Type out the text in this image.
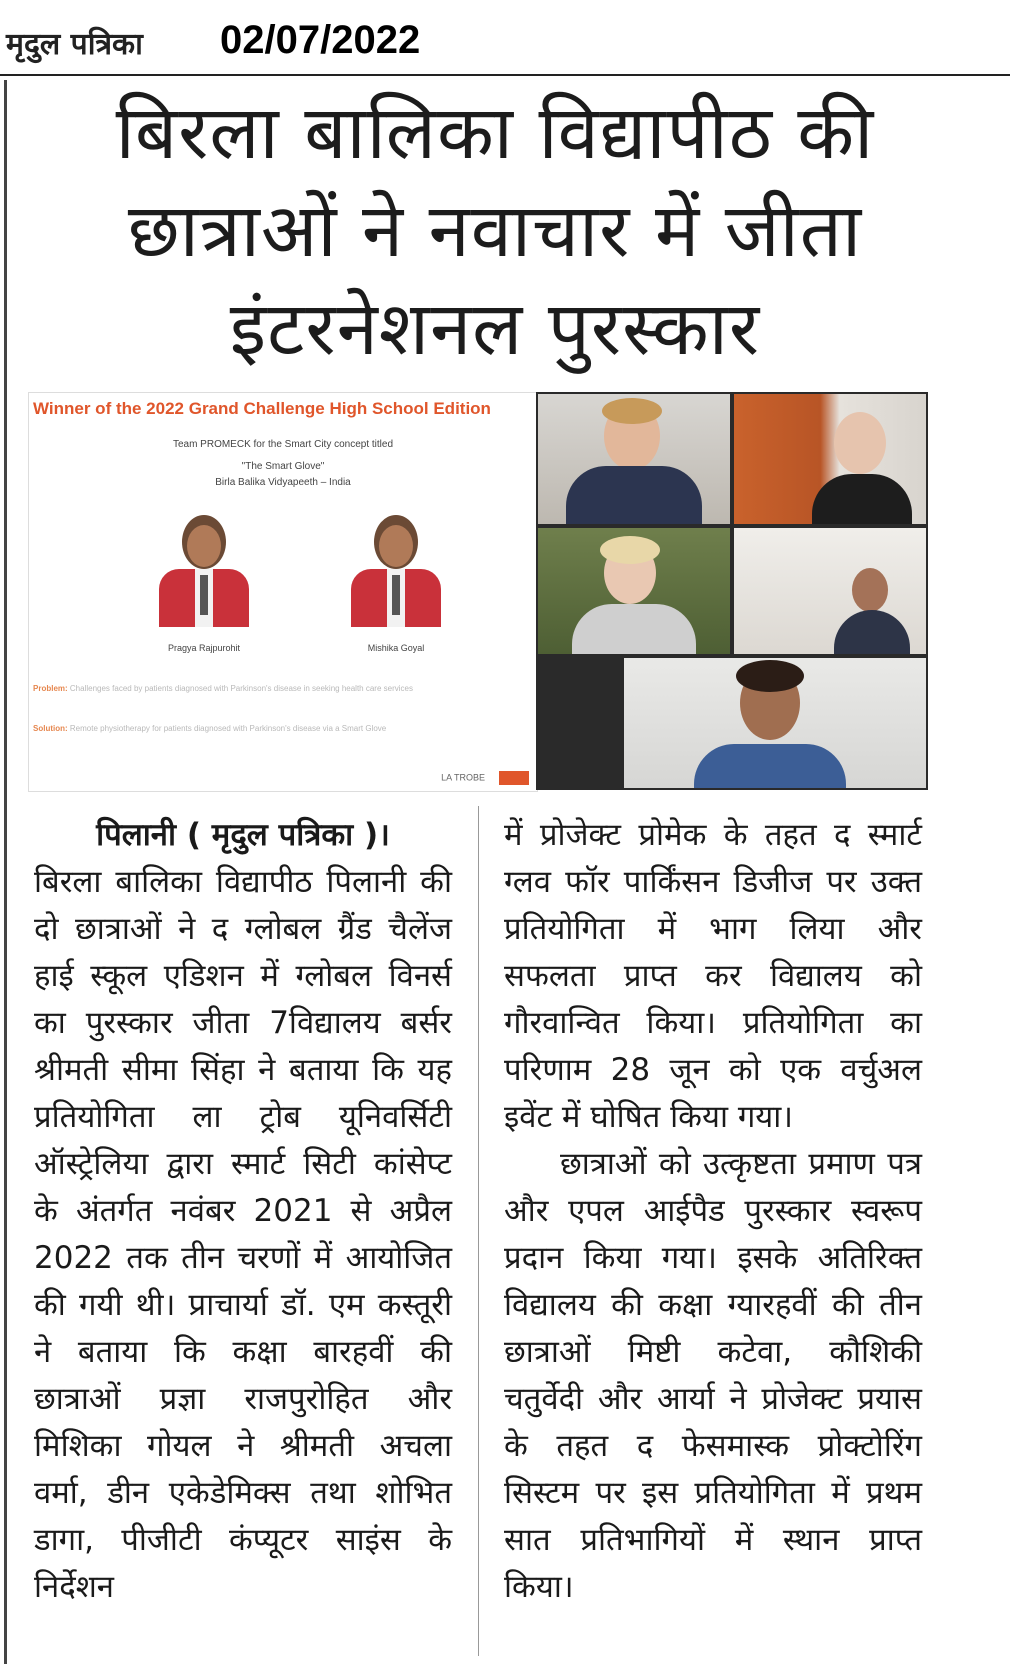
मृदुल पत्रिका 02/07/2022
बिरला बालिका विद्यापीठ की
छात्राओं ने नवाचार में जीता
इंटरनेशनल पुरस्कार
Winner of the 2022 Grand Challenge High School Edition
Team PROMECK for the Smart City concept titled
"The Smart Glove"
Birla Balika Vidyapeeth – India
Pragya Rajpurohit	Mishika Goyal
Problem: Challenges faced by patients diagnosed with Parkinson's disease in seeking health care services
Solution: Remote physiotherapy for patients diagnosed with Parkinson's disease via a Smart Glove
LA TROBE

पिलानी ( मृदुल पत्रिका )।
बिरला बालिका विद्यापीठ पिलानी की दो छात्राओं ने द ग्लोबल ग्रैंड चैलेंज हाई स्कूल एडिशन में ग्लोबल विनर्स का पुरस्कार जीता 7विद्यालय बर्सर श्रीमती सीमा सिंहा ने बताया कि यह प्रतियोगिता ला ट्रोब यूनिवर्सिटी ऑस्ट्रेलिया द्वारा स्मार्ट सिटी कांसेप्ट के अंतर्गत नवंबर 2021 से अप्रैल 2022 तक तीन चरणों में आयोजित की गयी थी। प्राचार्या डॉ. एम कस्तूरी ने बताया कि कक्षा बारहवीं की छात्राओं प्रज्ञा राजपुरोहित और मिशिका गोयल ने श्रीमती अचला वर्मा, डीन एकेडेमिक्स तथा शोभित डागा, पीजीटी कंप्यूटर साइंस के निर्देशन

में प्रोजेक्ट प्रोमेक के तहत द स्मार्ट ग्लव फॉर पार्किंसन डिजीज पर उक्त प्रतियोगिता में भाग लिया और सफलता प्राप्त कर विद्यालय को गौरवान्वित किया। प्रतियोगिता का परिणाम 28 जून को एक वर्चुअल इवेंट में घोषित किया गया।

छात्राओं को उत्कृष्टता प्रमाण पत्र और एपल आईपैड पुरस्कार स्वरूप प्रदान किया गया। इसके अतिरिक्त विद्यालय की कक्षा ग्यारहवीं की तीन छात्राओं मिष्टी कटेवा, कौशिकी चतुर्वेदी और आर्या ने प्रोजेक्ट प्रयास के तहत द फेसमास्क प्रोक्टोरिंग सिस्टम पर इस प्रतियोगिता में प्रथम सात प्रतिभागियों में स्थान प्राप्त किया।
